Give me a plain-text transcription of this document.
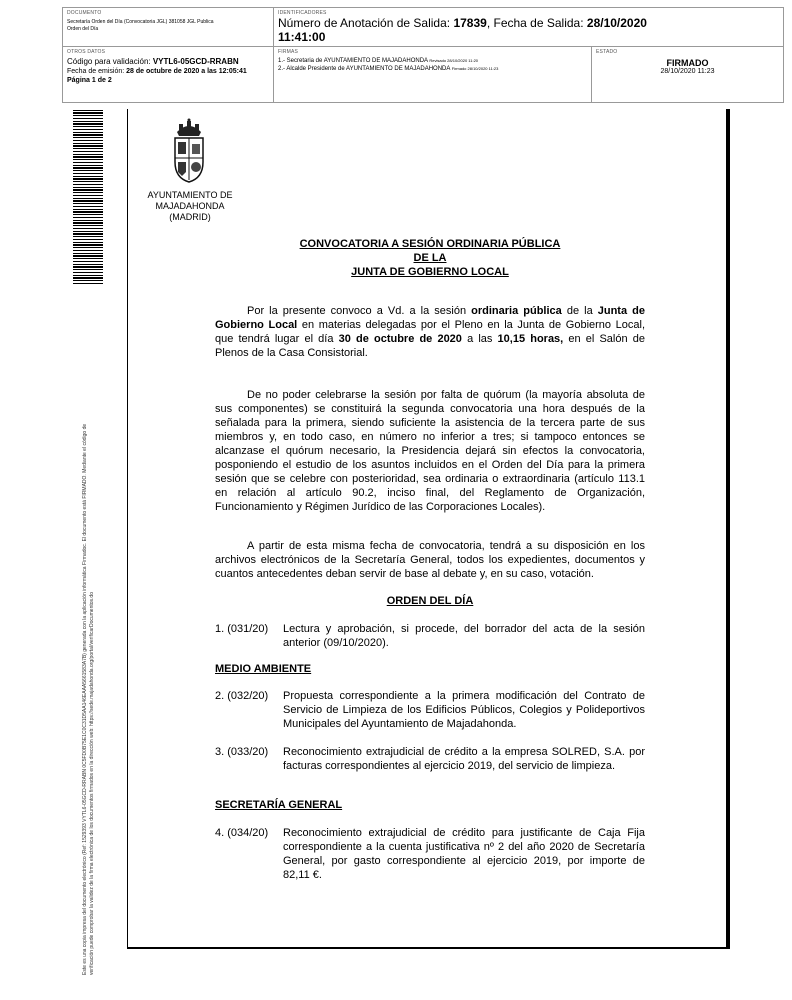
DOCUMENTO
Secretaría Orden del Día (Convocatoria JGL) 381058 JGL Publica
Orden del Día
IDENTIFICADORES
Número de Anotación de Salida: 17839, Fecha de Salida: 28/10/2020
11:41:00
OTROS DATOS
Código para validación: VYTL6-05GCD-RRABN
Fecha de emisión: 28 de octubre de 2020 a las 12:05:41
Página 1 de 2
FIRMAS
1.- Secretaria de AYUNTAMIENTO DE MAJADAHONDA Revisado 28/10/2020 11:20
2.- Alcalde Presidente de AYUNTAMIENTO DE MAJADAHONDA Firmado 28/10/2020 11:23
ESTADO
FIRMADO
28/10/2020 11:23
Este es una copia impresa del documento electrónico (Ref: 1529393 VYTL6-05GCD-RRABN 0C5FD0B75E1C0C31D5AA146EAAA5661583A7B) generada con la aplicación informática Firmadoc. El documento está FIRMADO. Mediante el código de verificación puede comprobar la validez de la firma electrónica de los documentos firmados en la dirección web: https://sede.majadahonda.org/portal/verificarDocumentos.do
AYUNTAMIENTO DE
MAJADAHONDA
(MADRID)
CONVOCATORIA A SESIÓN ORDINARIA PÚBLICA
DE LA
JUNTA DE GOBIERNO LOCAL
Por la presente convoco a Vd. a la sesión ordinaria pública de la Junta de Gobierno Local en materias delegadas por el Pleno en la Junta de Gobierno Local, que tendrá lugar el día 30 de octubre de 2020 a las 10,15 horas, en el Salón de Plenos de la Casa Consistorial.
De no poder celebrarse la sesión por falta de quórum (la mayoría absoluta de sus componentes) se constituirá la segunda convocatoria una hora después de la señalada para la primera, siendo suficiente la asistencia de la tercera parte de sus miembros y, en todo caso, en número no inferior a tres; si tampoco entonces se alcanzase el quórum necesario, la Presidencia dejará sin efectos la convocatoria, posponiendo el estudio de los asuntos incluidos en el Orden del Día para la primera sesión que se celebre con posterioridad, sea ordinaria o extraordinaria (artículo 113.1 en relación al artículo 90.2, inciso final, del Reglamento de Organización, Funcionamiento y Régimen Jurídico de las Corporaciones Locales).
A partir de esta misma fecha de convocatoria, tendrá a su disposición en los archivos electrónicos de la Secretaría General, todos los expedientes, documentos y cuantos antecedentes deban servir de base al debate y, en su caso, votación.
ORDEN DEL DÍA
1. (031/20)	Lectura y aprobación, si procede, del borrador del acta de la sesión anterior (09/10/2020).
MEDIO AMBIENTE
2. (032/20)	Propuesta correspondiente a la primera modificación del Contrato de Servicio de Limpieza de los Edificios Públicos, Colegios y Polideportivos Municipales del Ayuntamiento de Majadahonda.
3. (033/20)	Reconocimiento extrajudicial de crédito a la empresa SOLRED, S.A. por facturas correspondientes al ejercicio 2019, del servicio de limpieza.
SECRETARÍA GENERAL
4. (034/20)	Reconocimiento extrajudicial de crédito para justificante de Caja Fija correspondiente a la cuenta justificativa nº 2 del año 2020 de Secretaría General, por gasto correspondiente al ejercicio 2019, por importe de 82,11 €.
